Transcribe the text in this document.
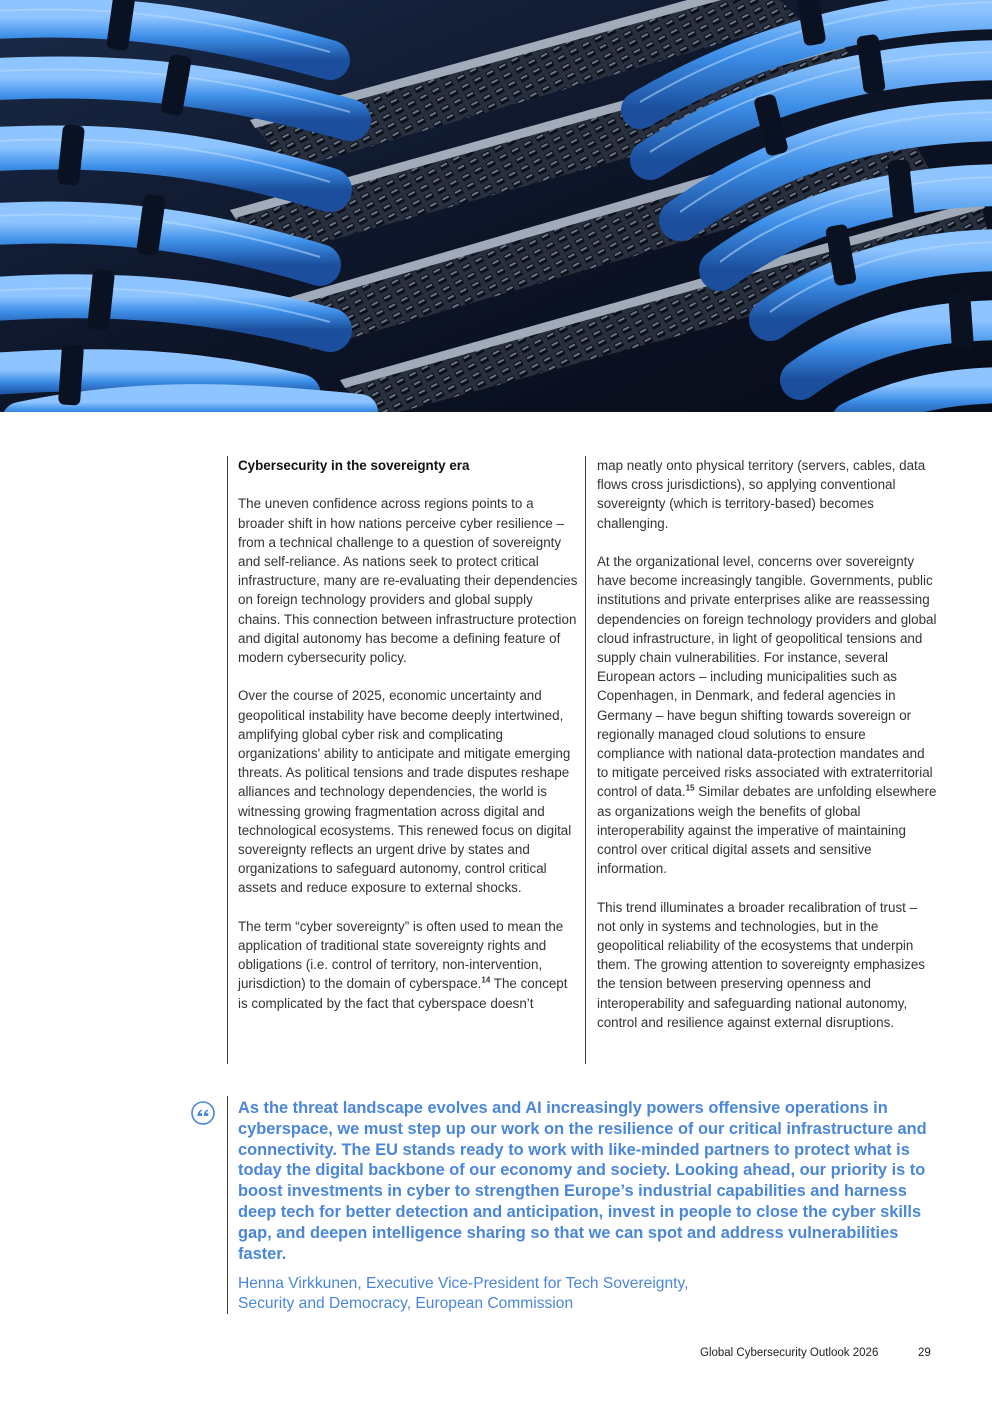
Cybersecurity in the sovereignty era

The uneven confidence across regions points to a broader shift in how nations perceive cyber resilience – from a technical challenge to a question of sovereignty and self-reliance. As nations seek to protect critical infrastructure, many are re-evaluating their dependencies on foreign technology providers and global supply chains. This connection between infrastructure protection and digital autonomy has become a defining feature of modern cybersecurity policy.

Over the course of 2025, economic uncertainty and geopolitical instability have become deeply intertwined, amplifying global cyber risk and complicating organizations' ability to anticipate and mitigate emerging threats. As political tensions and trade disputes reshape alliances and technology dependencies, the world is witnessing growing fragmentation across digital and technological ecosystems. This renewed focus on digital sovereignty reflects an urgent drive by states and organizations to safeguard autonomy, control critical assets and reduce exposure to external shocks.

The term “cyber sovereignty” is often used to mean the application of traditional state sovereignty rights and obligations (i.e. control of territory, non-intervention, jurisdiction) to the domain of cyberspace.$^{14}$ The concept is complicated by the fact that cyberspace doesn’t

map neatly onto physical territory (servers, cables, data flows cross jurisdictions), so applying conventional sovereignty (which is territory-based) becomes challenging.

At the organizational level, concerns over sovereignty have become increasingly tangible. Governments, public institutions and private enterprises alike are reassessing dependencies on foreign technology providers and global cloud infrastructure, in light of geopolitical tensions and supply chain vulnerabilities. For instance, several European actors – including municipalities such as Copenhagen, in Denmark, and federal agencies in Germany – have begun shifting towards sovereign or regionally managed cloud solutions to ensure compliance with national data-protection mandates and to mitigate perceived risks associated with extraterritorial control of data.$^{15}$ Similar debates are unfolding elsewhere as organizations weigh the benefits of global interoperability against the imperative of maintaining control over critical digital assets and sensitive information.

This trend illuminates a broader recalibration of trust – not only in systems and technologies, but in the geopolitical reliability of the ecosystems that underpin them. The growing attention to sovereignty emphasizes the tension between preserving openness and interoperability and safeguarding national autonomy, control and resilience against external disruptions.

As the threat landscape evolves and AI increasingly powers offensive operations in cyberspace, we must step up our work on the resilience of our critical infrastructure and connectivity. The EU stands ready to work with like-minded partners to protect what is today the digital backbone of our economy and society. Looking ahead, our priority is to boost investments in cyber to strengthen Europe’s industrial capabilities and harness deep tech for better detection and anticipation, invest in people to close the cyber skills gap, and deepen intelligence sharing so that we can spot and address vulnerabilities faster.
Henna Virkkunen, Executive Vice-President for Tech Sovereignty,
Security and Democracy, European Commission
Global Cybersecurity Outlook 2026	29
